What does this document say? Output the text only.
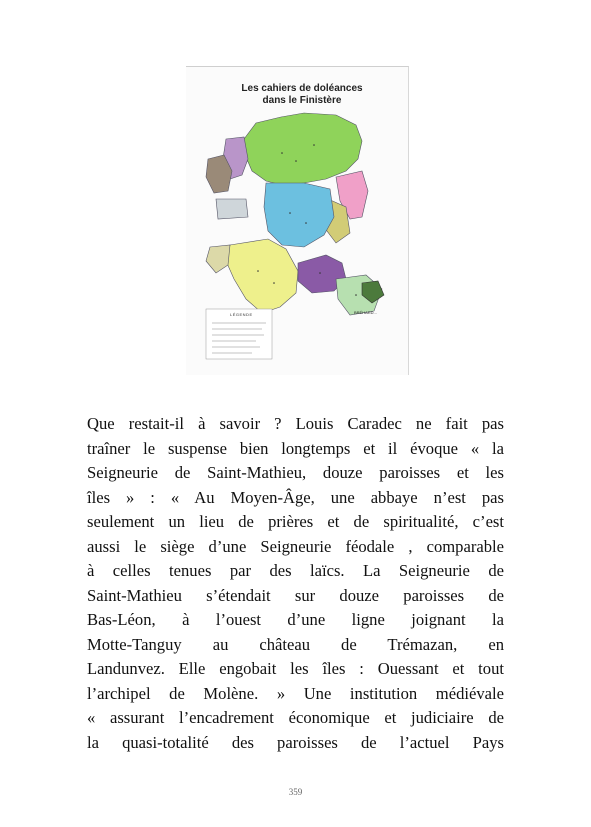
Les cahiers de doléances
dans le Finistère
LÉGENDE	BRÉHARD...
Que restait-il à savoir ? Louis Caradec ne fait pas
traîner le suspense bien longtemps et il évoque « la
Seigneurie de Saint-Mathieu, douze paroisses et les
îles » : « Au Moyen-Âge, une abbaye n’est pas
seulement un lieu de prières et de spiritualité, c’est
aussi le siège d’une Seigneurie féodale , comparable
à celles tenues par des laïcs. La Seigneurie de
Saint-Mathieu s’étendait sur douze paroisses de
Bas-Léon, à l’ouest d’une ligne joignant la
Motte-Tanguy au château de Trémazan, en
Landunvez. Elle engobait les îles : Ouessant et tout
l’archipel de Molène. » Une institution médiévale
« assurant l’encadrement économique et judiciaire de
la quasi-totalité des paroisses de l’actuel Pays
359
